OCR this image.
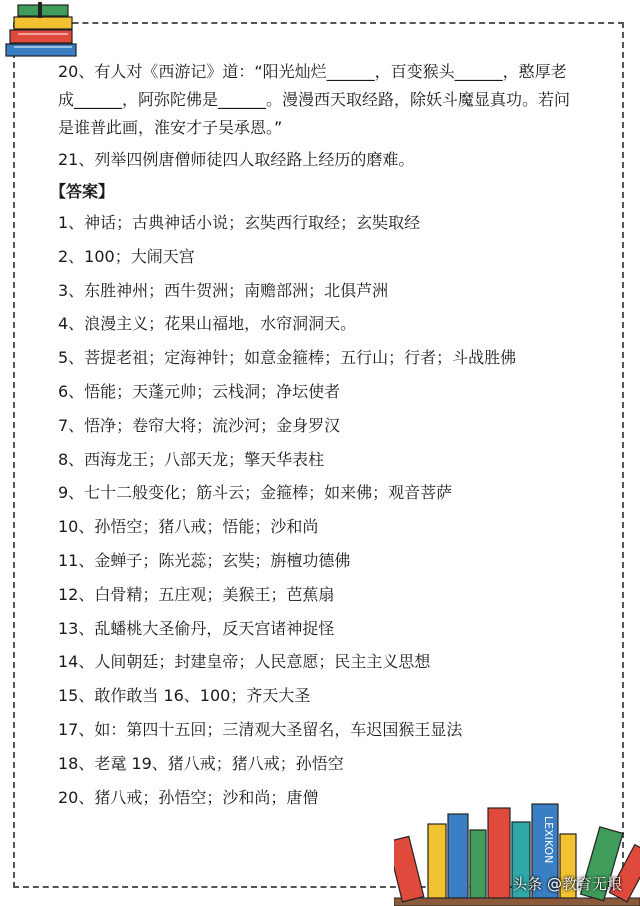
20、有人对《西游记》道：“阳光灿烂______，百变猴头______，憨厚老成______，阿弥陀佛是______。漫漫西天取经路，除妖斗魔显真功。若问是谁普此画，淮安才子吴承恩。”

21、列举四例唐僧师徒四人取经路上经历的磨难。

【答案】
1、神话；古典神话小说；玄奘西行取经；玄奘取经
2、100；大闹天宫
3、东胜神州；西牛贺洲；南赡部洲；北俱芦洲
4、浪漫主义；花果山福地，水帘洞洞天。
5、菩提老祖；定海神针；如意金箍棒；五行山；行者；斗战胜佛
6、悟能；天蓬元帅；云栈洞；净坛使者
7、悟净；卷帘大将；流沙河；金身罗汉
8、西海龙王；八部天龙；擎天华表柱
9、七十二般变化；筋斗云；金箍棒；如来佛；观音菩萨
10、孙悟空；猪八戒；悟能；沙和尚
11、金蝉子；陈光蕊；玄奘；旃檀功德佛
12、白骨精；五庄观；美猴王；芭蕉扇
13、乱蟠桃大圣偷丹，反天宫诸神捉怪
14、人间朝廷；封建皇帝；人民意愿；民主主义思想
15、敢作敢当 16、100；齐天大圣
17、如：第四十五回；三清观大圣留名，车迟国猴王显法
18、老鼋 19、猪八戒；猪八戒；孙悟空
20、猪八戒；孙悟空；沙和尚；唐僧
LEXIKON
头条 @教育无垠
